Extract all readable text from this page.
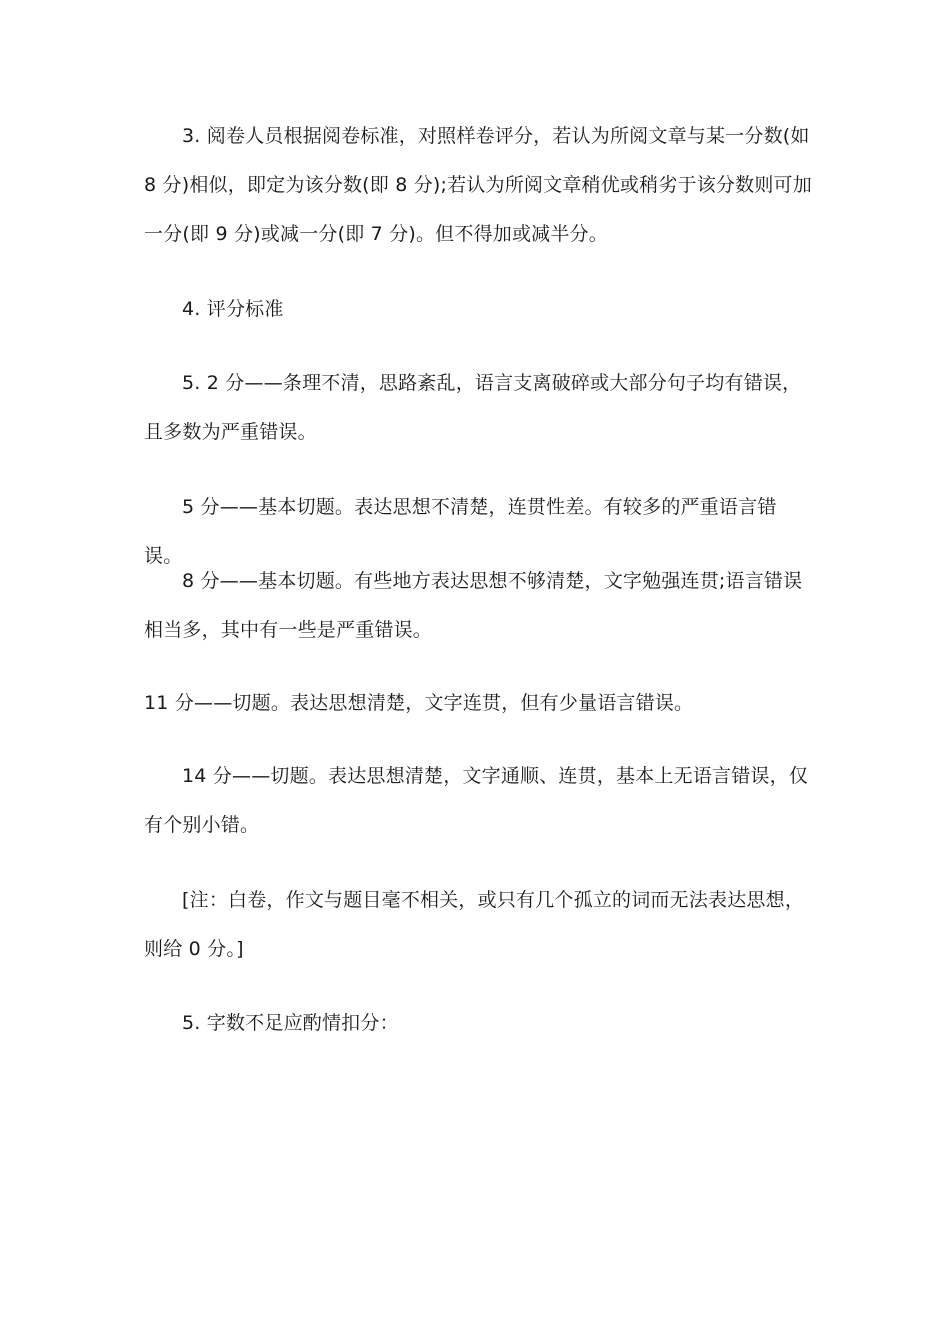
3. 阅卷人员根据阅卷标准，对照样卷评分，若认为所阅文章与某一分数(如 8 分)相似，即定为该分数(即 8 分);若认为所阅文章稍优或稍劣于该分数则可加一分(即 9 分)或减一分(即 7 分)。但不得加或减半分。

4. 评分标准

5. 2 分——条理不清，思路紊乱，语言支离破碎或大部分句子均有错误，且多数为严重错误。

5 分——基本切题。表达思想不清楚，连贯性差。有较多的严重语言错误。

8 分——基本切题。有些地方表达思想不够清楚，文字勉强连贯;语言错误相当多，其中有一些是严重错误。

11 分——切题。表达思想清楚，文字连贯，但有少量语言错误。

14 分——切题。表达思想清楚，文字通顺、连贯，基本上无语言错误，仅有个别小错。

[注：白卷，作文与题目毫不相关，或只有几个孤立的词而无法表达思想，则给 0 分。]

5. 字数不足应酌情扣分：
